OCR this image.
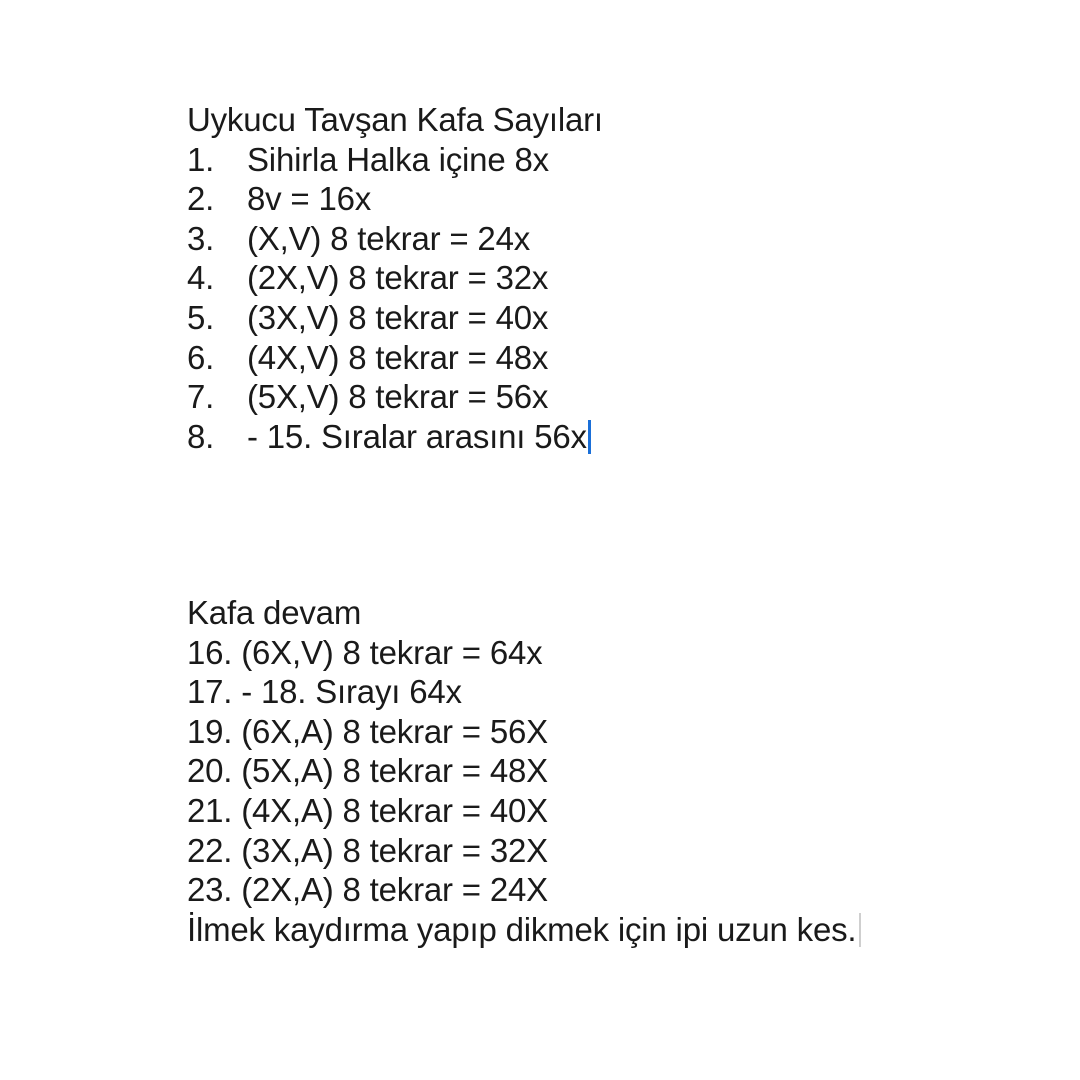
Uykucu Tavşan Kafa Sayıları
1. Sihirla Halka içine 8x
2. 8v = 16x
3. (X,V) 8 tekrar = 24x
4. (2X,V) 8 tekrar = 32x
5. (3X,V) 8 tekrar = 40x
6. (4X,V) 8 tekrar = 48x
7. (5X,V) 8 tekrar = 56x
8. - 15. Sıralar arasını 56x
Kafa devam
16. (6X,V) 8 tekrar = 64x
17. - 18. Sırayı 64x
19. (6X,A) 8 tekrar = 56X
20. (5X,A) 8 tekrar = 48X
21. (4X,A) 8 tekrar = 40X
22. (3X,A) 8 tekrar = 32X
23. (2X,A) 8 tekrar = 24X
İlmek kaydırma yapıp dikmek için ipi uzun kes.
